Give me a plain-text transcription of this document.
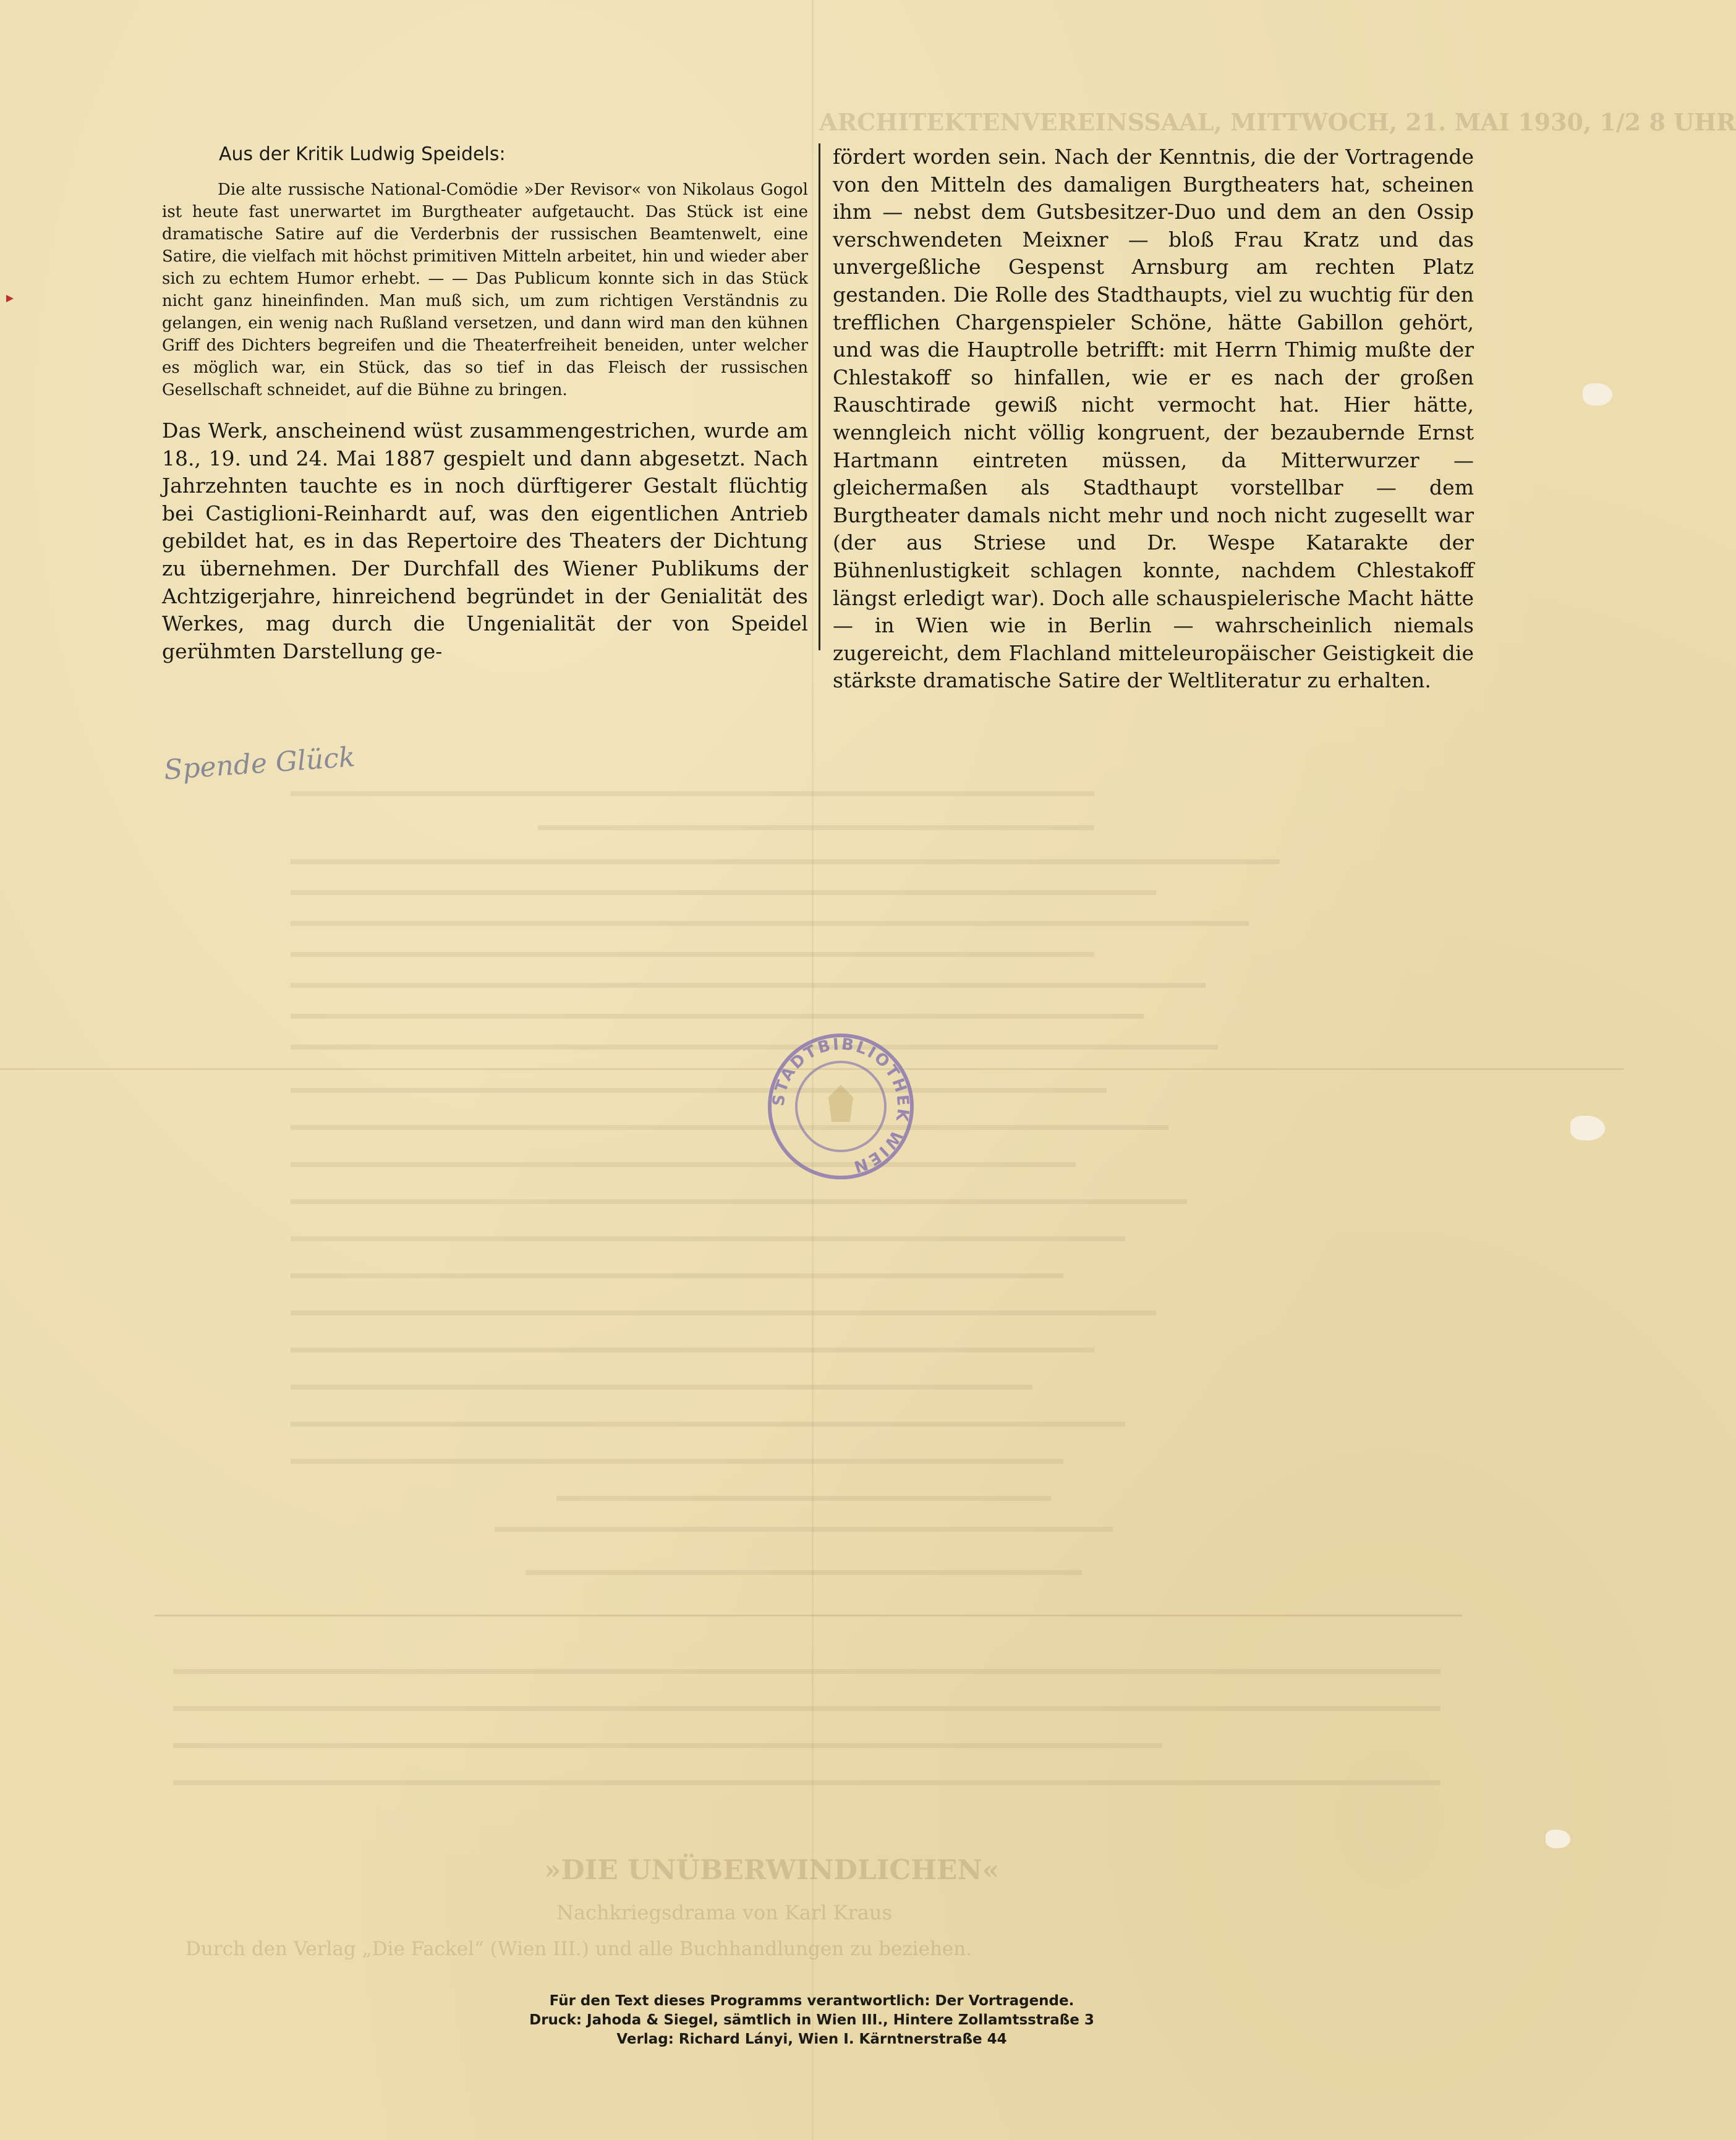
ARCHITEKTENVEREINSSAAL, MITTWOCH, 21. MAI 1930, 1/2 8 UHR
»DIE UNÜBERWINDLICHEN«
Nachkriegsdrama von Karl Kraus
Durch den Verlag „Die Fackel“ (Wien III.) und alle Buchhandlungen zu beziehen.
Aus der Kritik Ludwig Speidels:

Die alte russische National-Comödie »Der Revisor« von Nikolaus Gogol ist heute fast unerwartet im Burgtheater aufgetaucht. Das Stück ist eine dramatische Satire auf die Verderbnis der russischen Beamtenwelt, eine Satire, die vielfach mit höchst primitiven Mitteln arbeitet, hin und wieder aber sich zu echtem Humor erhebt. — — Das Publicum konnte sich in das Stück nicht ganz hineinfinden. Man muß sich, um zum richtigen Verständnis zu gelangen, ein wenig nach Rußland versetzen, und dann wird man den kühnen Griff des Dichters begreifen und die Theaterfreiheit beneiden, unter welcher es möglich war, ein Stück, das so tief in das Fleisch der russischen Gesellschaft schneidet, auf die Bühne zu bringen.

Das Werk, anscheinend wüst zusammengestrichen, wurde am 18., 19. und 24. Mai 1887 gespielt und dann abgesetzt. Nach Jahrzehnten tauchte es in noch dürftigerer Gestalt flüchtig bei Castiglioni-Reinhardt auf, was den eigentlichen Antrieb gebildet hat, es in das Repertoire des Theaters der Dichtung zu übernehmen. Der Durchfall des Wiener Publikums der Achtzigerjahre, hinreichend begründet in der Genialität des Werkes, mag durch die Ungenialität der von Speidel gerühmten Darstellung ge-

fördert worden sein. Nach der Kenntnis, die der Vortragende von den Mitteln des damaligen Burgtheaters hat, scheinen ihm — nebst dem Gutsbesitzer-Duo und dem an den Ossip verschwendeten Meixner — bloß Frau Kratz und das unvergeßliche Gespenst Arnsburg am rechten Platz gestanden. Die Rolle des Stadthaupts, viel zu wuchtig für den trefflichen Chargenspieler Schöne, hätte Gabillon gehört, und was die Hauptrolle betrifft: mit Herrn Thimig mußte der Chlestakoff so hinfallen, wie er es nach der großen Rauschtirade gewiß nicht vermocht hat. Hier hätte, wenngleich nicht völlig kongruent, der bezaubernde Ernst Hartmann eintreten müssen, da Mitterwurzer — gleichermaßen als Stadthaupt vorstellbar — dem Burgtheater damals nicht mehr und noch nicht zugesellt war (der aus Striese und Dr. Wespe Katarakte der Bühnenlustigkeit schlagen konnte, nachdem Chlestakoff längst erledigt war). Doch alle schauspielerische Macht hätte — in Wien wie in Berlin — wahrscheinlich niemals zugereicht, dem Flachland mitteleuropäischer Geistigkeit die stärkste dramatische Satire der Weltliteratur zu erhalten.

Spende Glück
STADTBIBLIOTHEK WIEN
Für den Text dieses Programms verantwortlich: Der Vortragende.
Druck: Jahoda & Siegel, sämtlich in Wien III., Hintere Zollamtsstraße 3
Verlag: Richard Lányi, Wien I. Kärntnerstraße 44
